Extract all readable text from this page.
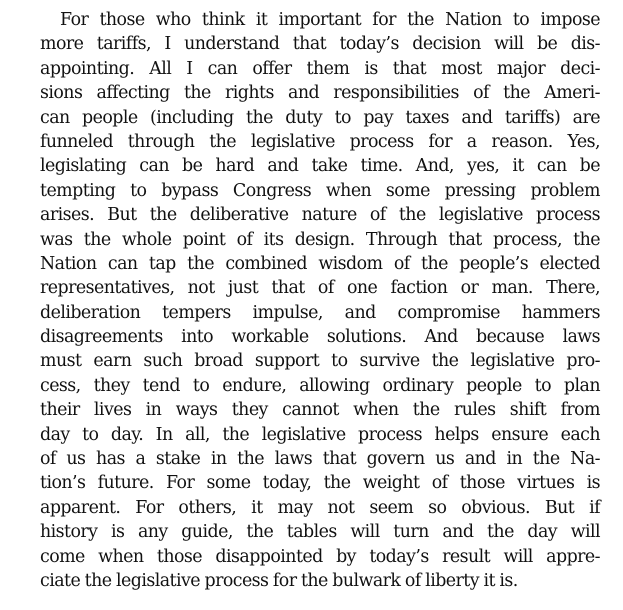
For those who think it important for the Nation to impose
more tariffs, I understand that today’s decision will be dis-
appointing. All I can offer them is that most major deci-
sions affecting the rights and responsibilities of the Ameri-
can people (including the duty to pay taxes and tariffs) are
funneled through the legislative process for a reason. Yes,
legislating can be hard and take time. And, yes, it can be
tempting to bypass Congress when some pressing problem
arises. But the deliberative nature of the legislative process
was the whole point of its design. Through that process, the
Nation can tap the combined wisdom of the people’s elected
representatives, not just that of one faction or man. There,
deliberation tempers impulse, and compromise hammers
disagreements into workable solutions. And because laws
must earn such broad support to survive the legislative pro-
cess, they tend to endure, allowing ordinary people to plan
their lives in ways they cannot when the rules shift from
day to day. In all, the legislative process helps ensure each
of us has a stake in the laws that govern us and in the Na-
tion’s future. For some today, the weight of those virtues is
apparent. For others, it may not seem so obvious. But if
history is any guide, the tables will turn and the day will
come when those disappointed by today’s result will appre-
ciate the legislative process for the bulwark of liberty it is.
